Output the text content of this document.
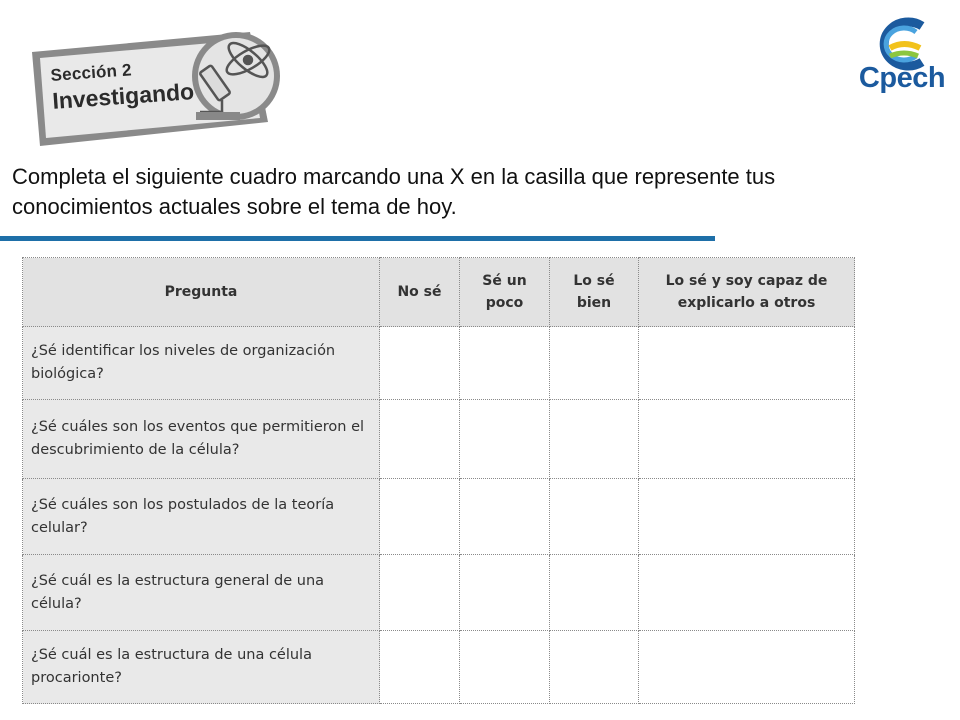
Sección 2
Investigando
Cpech
Completa el siguiente cuadro marcando una X en la casilla que represente tus conocimientos actuales sobre el tema de hoy.
Pregunta	No sé	Sé un poco	Lo sé bien	Lo sé y soy capaz de explicarlo a otros
¿Sé identificar los niveles de organización biológica?				
¿Sé cuáles son los eventos que permitieron el descubrimiento de la célula?				
¿Sé cuáles son los postulados de la teoría celular?				
¿Sé cuál es la estructura general de una célula?				
¿Sé cuál es la estructura de una célula procarionte?				
